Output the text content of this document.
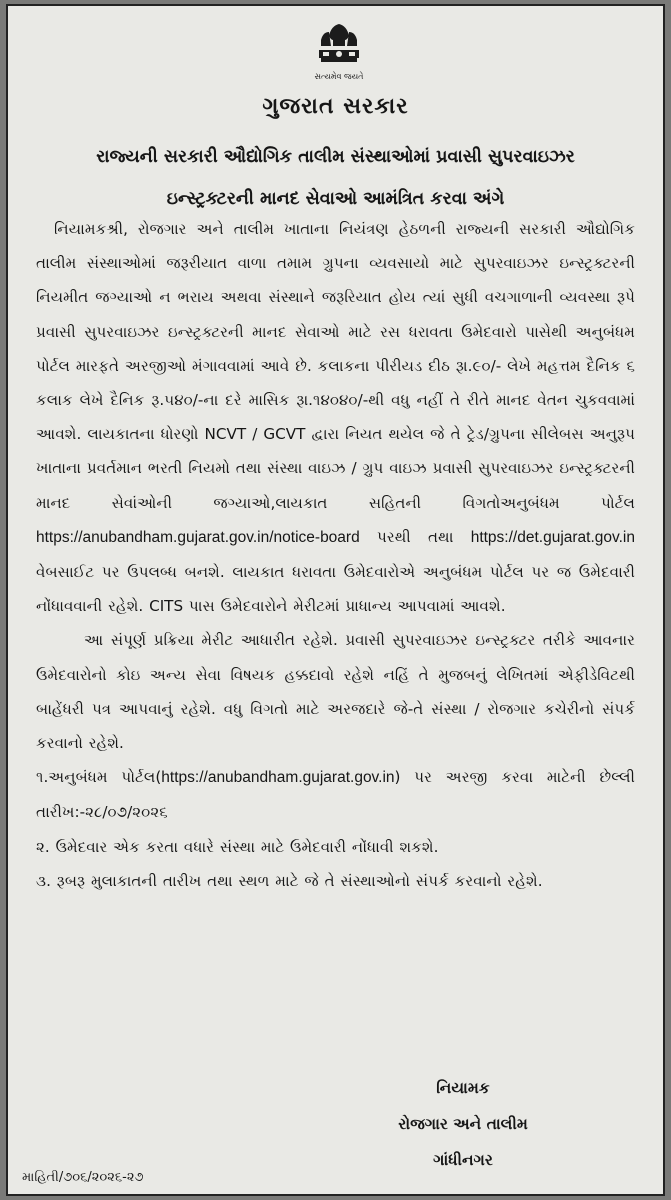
સત્યમેવ જયતે
ગુજરાત સરકાર
રાજ્યની સરકારી ઔદ્યોગિક તાલીમ સંસ્થાઓમાં પ્રવાસી સુપરવાઇઝર
ઇન્સ્ટ્રક્ટરની માનદ સેવાઓ આમંત્રિત કરવા અંગે

નિયામકશ્રી, રોજગાર અને તાલીમ ખાતાના નિયંત્રણ હેઠળની રાજ્યની સરકારી ઔદ્યોગિક તાલીમ સંસ્થાઓમાં જરૂરીયાત વાળા તમામ ગ્રુપના વ્યવસાયો માટે સુપરવાઇઝર ઇન્સ્ટ્રક્ટરની નિયમીત જગ્યાઓ ન ભરાય અથવા સંસ્થાને જરૂરિયાત હોય ત્યાં સુધી વચગાળાની વ્યવસ્થા રૂપે પ્રવાસી સુપરવાઇઝર ઇન્સ્ટ્રક્ટરની માનદ સેવાઓ માટે રસ ધરાવતા ઉમેદવારો પાસેથી અનુબંધમ પોર્ટલ મારફતે અરજીઓ મંગાવવામાં આવે છે. કલાકના પીરીયડ દીઠ રૂા.૯૦/- લેખે મહત્તમ દૈનિક ૬ કલાક લેખે દૈનિક રૂ.૫૪૦/-ના દરે માસિક રૂા.૧૪૦૪૦/-થી વધુ નહીં તે રીતે માનદ વેતન ચુકવવામાં આવશે. લાયકાતના ધોરણો NCVT / GCVT દ્વારા નિયત થયેલ જે તે ટ્રેડ/ગ્રુપના સીલેબસ અનુરૂપ ખાતાના પ્રવર્તમાન ભરતી નિયમો તથા સંસ્થા વાઇઝ / ગ્રુપ વાઇઝ પ્રવાસી સુપરવાઇઝર ઇન્સ્ટ્રક્ટરની માનદ સેવાંઓની જગ્યાઓ,લાયકાત સહિતની વિગતોઅનુબંધમ પોર્ટલ https://anubandham.gujarat.gov.in/notice-board પરથી તથા https://det.gujarat.gov.in વેબસાઈટ પર ઉપલબ્ધ બનશે. લાયકાત ધરાવતા ઉમેદવારોએ અનુબંધમ પોર્ટલ પર જ ઉમેદવારી નોંધાવવાની રહેશે. CITS પાસ ઉમેદવારોને મેરીટમાં પ્રાધાન્ય આપવામાં આવશે.

આ સંપૂર્ણ પ્રક્રિયા મેરીટ આધારીત રહેશે. પ્રવાસી સુપરવાઇઝર ઇન્સ્ટ્રક્ટર તરીકે આવનાર ઉમેદવારોનો કોઇ અન્ય સેવા વિષયક હક્કદાવો રહેશે નહિં તે મુજબનું લેખિતમાં એફીડેવિટથી બાહેંધરી પત્ર આપવાનું રહેશે. વધુ વિગતો માટે અરજદારે જે-તે સંસ્થા / રોજગાર કચેરીનો સંપર્ક કરવાનો રહેશે.

૧.અનુબંધમ પોર્ટલ(https://anubandham.gujarat.gov.in) પર અરજી કરવા માટેની છેલ્લી તારીખ:-૨૮/૦૭/૨૦૨૬

૨. ઉમેદવાર એક કરતા વધારે સંસ્થા માટે ઉમેદવારી નોંધાવી શકશે.

૩. રૂબરૂ મુલાકાતની તારીખ તથા સ્થળ માટે જે તે સંસ્થાઓનો સંપર્ક કરવાનો રહેશે.

નિયામક
રોજગાર અને તાલીમ
ગાંધીનગર
માહિતી/૭૦૬/૨૦૨૬-૨૭
